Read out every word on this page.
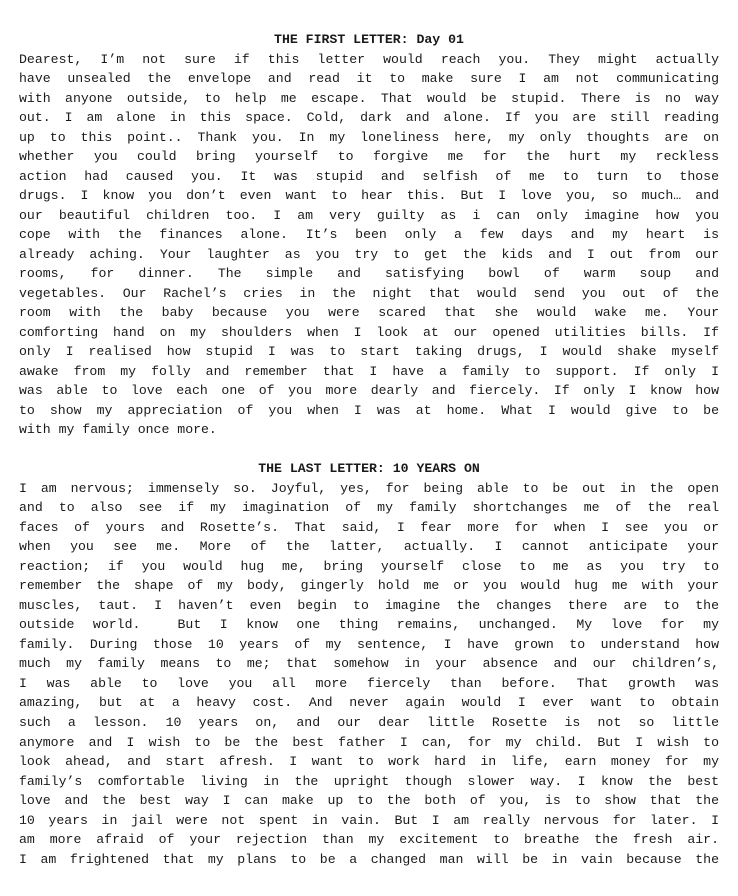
THE FIRST LETTER: Day 01
Dearest, I’m not sure if this letter would reach you. They might actually
have unsealed the envelope and read it to make sure I am not communicating
with anyone outside, to help me escape. That would be stupid. There is no way
out. I am alone in this space. Cold, dark and alone. If you are still reading
up to this point.. Thank you. In my loneliness here, my only thoughts are on
whether you could bring yourself to forgive me for the hurt my reckless
action had caused you. It was stupid and selfish of me to turn to those
drugs. I know you don’t even want to hear this. But I love you, so much… and
our beautiful children too. I am very guilty as i can only imagine how you
cope with the finances alone. It’s been only a few days and my heart is
already aching. Your laughter as you try to get the kids and I out from our
rooms, for dinner. The simple and satisfying bowl of warm soup and
vegetables. Our Rachel’s cries in the night that would send you out of the
room with the baby because you were scared that she would wake me. Your
comforting hand on my shoulders when I look at our opened utilities bills. If
only I realised how stupid I was to start taking drugs, I would shake myself
awake from my folly and remember that I have a family to support. If only I
was able to love each one of you more dearly and fiercely. If only I know how
to show my appreciation of you when I was at home. What I would give to be
with my family once more.
THE LAST LETTER: 10 YEARS ON
I am nervous; immensely so. Joyful, yes, for being able to be out in the open
and to also see if my imagination of my family shortchanges me of the real
faces of yours and Rosette’s. That said, I fear more for when I see you or
when you see me. More of the latter, actually. I cannot anticipate your
reaction; if you would hug me, bring yourself close to me as you try to
remember the shape of my body, gingerly hold me or you would hug me with your
muscles, taut. I haven’t even begin to imagine the changes there are to the
outside world.  But I know one thing remains, unchanged. My love for my
family. During those 10 years of my sentence, I have grown to understand how
much my family means to me; that somehow in your absence and our children’s,
I was able to love you all more fiercely than before. That growth was
amazing, but at a heavy cost. And never again would I ever want to obtain
such a lesson. 10 years on, and our dear little Rosette is not so little
anymore and I wish to be the best father I can, for my child. But I wish to
look ahead, and start afresh. I want to work hard in life, earn money for my
family’s comfortable living in the upright though slower way. I know the best
love and the best way I can make up to the both of you, is to show that the
10 years in jail were not spent in vain. But I am really nervous for later. I
am more afraid of your rejection than my excitement to breathe the fresh air.
I am frightened that my plans to be a changed man will be in vain because the
